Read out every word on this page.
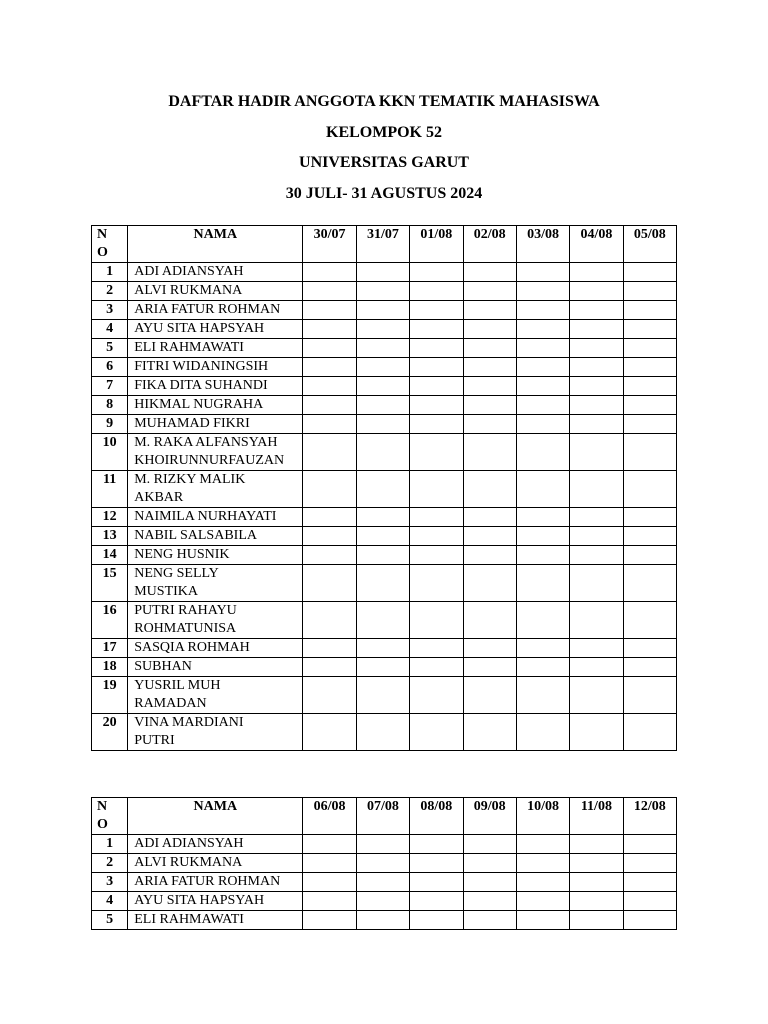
DAFTAR HADIR ANGGOTA KKN TEMATIK MAHASISWA
KELOMPOK 52
UNIVERSITAS GARUT
30 JULI- 31 AGUSTUS 2024
N
O	NAMA	30/07	31/07	01/08	02/08	03/08	04/08	05/08
1	ADI ADIANSYAH							

2	ALVI RUKMANA							

3	ARIA FATUR ROHMAN							

4	AYU SITA HAPSYAH							

5	ELI RAHMAWATI							

6	FITRI WIDANINGSIH							

7	FIKA DITA SUHANDI							

8	HIKMAL NUGRAHA							

9	MUHAMAD FIKRI							

10	M. RAKA ALFANSYAH
KHOIRUNNURFAUZAN							

11	M. RIZKY MALIK
AKBAR							

12	NAIMILA NURHAYATI							

13	NABIL SALSABILA							

14	NENG HUSNIK							

15	NENG SELLY
MUSTIKA							

16	PUTRI RAHAYU
ROHMATUNISA							

17	SASQIA ROHMAH							

18	SUBHAN							

19	YUSRIL MUH
RAMADAN							

20	VINA MARDIANI
PUTRI							

N
O	NAMA	06/08	07/08	08/08	09/08	10/08	11/08	12/08
1	ADI ADIANSYAH							

2	ALVI RUKMANA							

3	ARIA FATUR ROHMAN							

4	AYU SITA HAPSYAH							

5	ELI RAHMAWATI							
